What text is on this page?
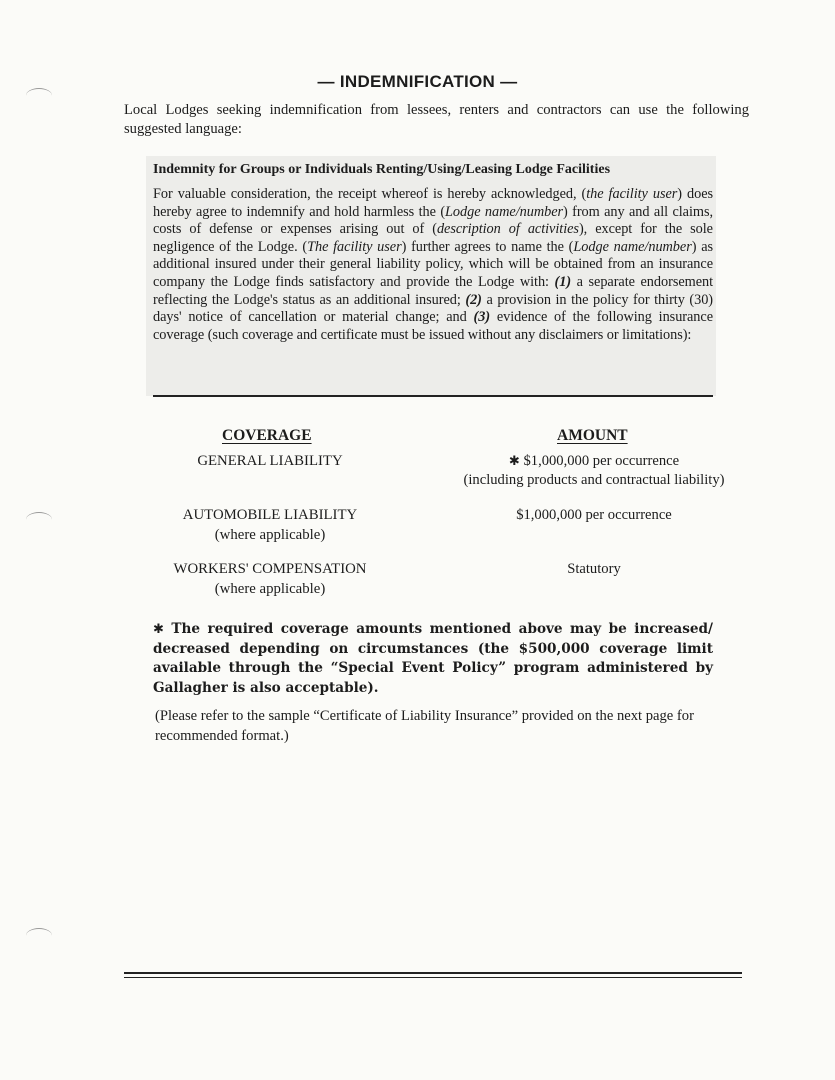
— INDEMNIFICATION —
Local Lodges seeking indemnification from lessees, renters and contractors can use the following suggested language:
Indemnity for Groups or Individuals Renting/Using/Leasing Lodge Facilities
For valuable consideration, the receipt whereof is hereby acknowledged, (the facility user) does hereby agree to indemnify and hold harmless the (Lodge name/number) from any and all claims, costs of defense or expenses arising out of (description of activities), except for the sole negligence of the Lodge. (The facility user) further agrees to name the (Lodge name/number) as additional insured under their general liability policy, which will be obtained from an insurance company the Lodge finds satisfactory and provide the Lodge with: (1) a separate endorsement reflecting the Lodge's status as an additional insured; (2) a provision in the policy for thirty (30) days' notice of cancellation or material change; and (3) evidence of the following insurance coverage (such coverage and certificate must be issued without any disclaimers or limitations):
COVERAGE	AMOUNT
GENERAL LIABILITY	✱ $1,000,000 per occurrence
(including products and contractual liability)
AUTOMOBILE LIABILITY
(where applicable)
$1,000,000 per occurrence
WORKERS' COMPENSATION
(where applicable)
Statutory
✱ The required coverage amounts mentioned above may be increased/ decreased depending on circumstances (the $500,000 coverage limit available through the “Special Event Policy” program administered by Gallagher is also acceptable).
(Please refer to the sample “Certificate of Liability Insurance” provided on the next page for recommended format.)
